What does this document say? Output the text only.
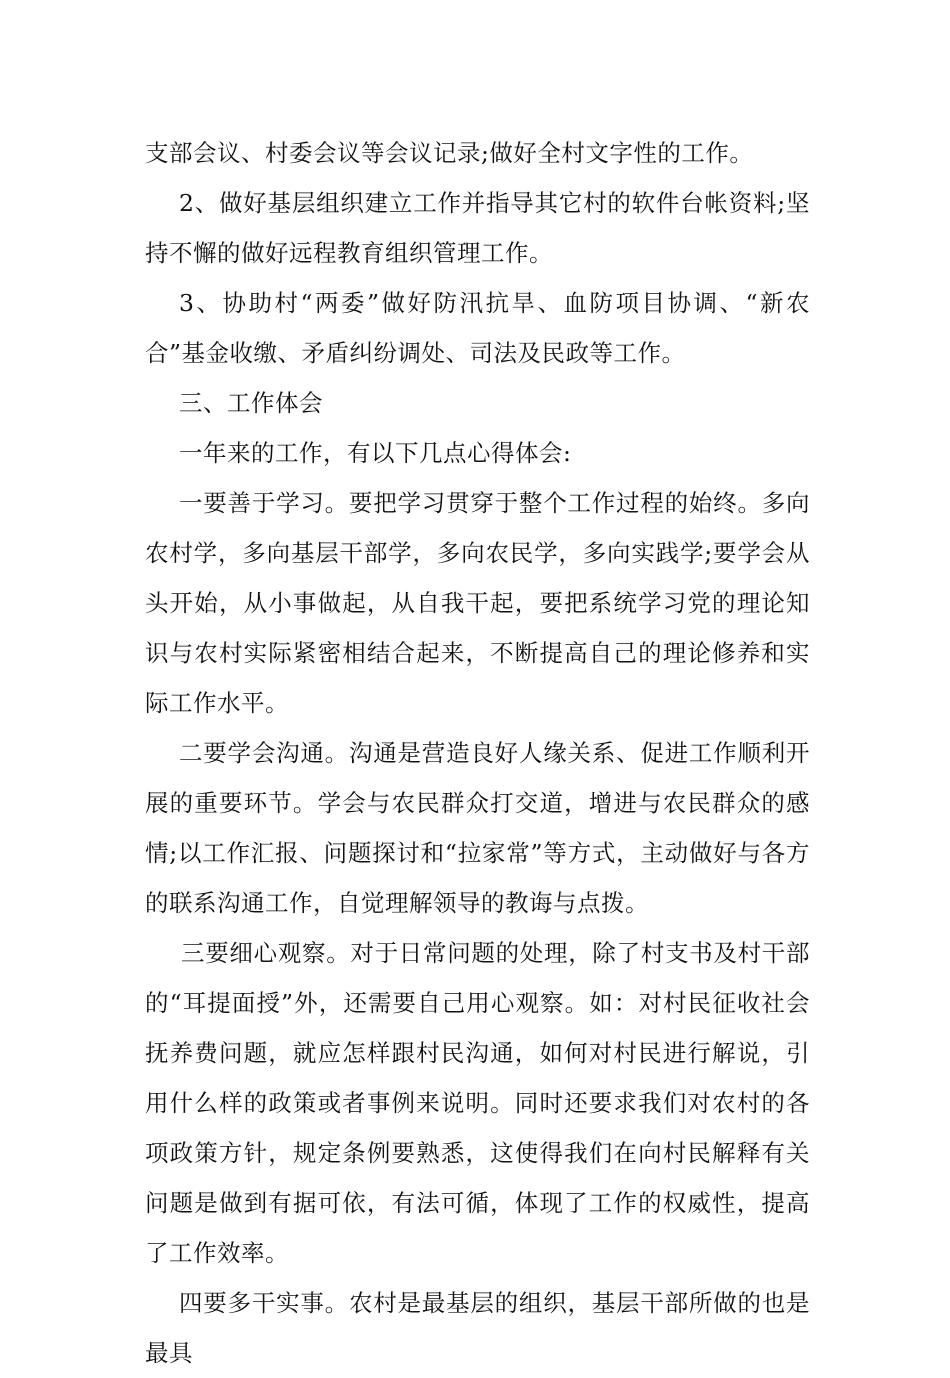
支部会议、村委会议等会议记录;做好全村文字性的工作。

2、做好基层组织建立工作并指导其它村的软件台帐资料;坚持不懈的做好远程教育组织管理工作。

3、协助村“两委”做好防汛抗旱、血防项目协调、“新农合”基金收缴、矛盾纠纷调处、司法及民政等工作。

三、工作体会

一年来的工作，有以下几点心得体会:

一要善于学习。要把学习贯穿于整个工作过程的始终。多向农村学，多向基层干部学，多向农民学，多向实践学;要学会从头开始，从小事做起，从自我干起，要把系统学习党的理论知识与农村实际紧密相结合起来，不断提高自己的理论修养和实际工作水平。

二要学会沟通。沟通是营造良好人缘关系、促进工作顺利开展的重要环节。学会与农民群众打交道，增进与农民群众的感情;以工作汇报、问题探讨和“拉家常”等方式，主动做好与各方的联系沟通工作，自觉理解领导的教诲与点拨。

三要细心观察。对于日常问题的处理，除了村支书及村干部的“耳提面授”外，还需要自己用心观察。如：对村民征收社会抚养费问题，就应怎样跟村民沟通，如何对村民进行解说，引用什么样的政策或者事例来说明。同时还要求我们对农村的各项政策方针，规定条例要熟悉，这使得我们在向村民解释有关问题是做到有据可依，有法可循，体现了工作的权威性，提高了工作效率。

四要多干实事。农村是最基层的组织，基层干部所做的也是最具
